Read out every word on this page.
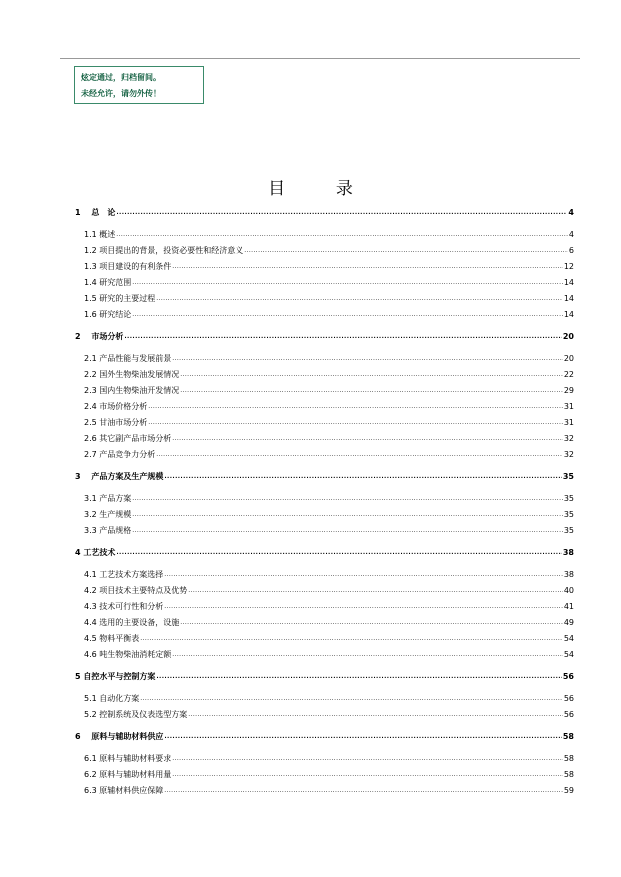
炫定通过，归档留间。
未经允许，请勿外传！
目	录
1　 总　论 .....	4
1.1 概述 .....	4
1.2 项目提出的背景，投资必要性和经济意义 .....	6
1.3 项目建设的有利条件 .....	12
1.4 研究范围 .....	14
1.5 研究的主要过程 .....	14
1.6 研究结论 .....	14
2　 市场分析 .....	20
2.1 产品性能与发展前景 .....	20
2.2 国外生物柴油发展情况 .....	22
2.3 国内生物柴油开发情况 .....	29
2.4 市场价格分析 .....	31
2.5 甘油市场分析 .....	31
2.6 其它副产品市场分析 .....	32
2.7 产品竞争力分析 .....	32
3　 产品方案及生产规模 .....	35
3.1 产品方案 .....	35
3.2 生产规模 .....	35
3.3 产品规格 .....	35
4 工艺技术 .....	38
4.1 工艺技术方案选择 .....	38
4.2 项目技术主要特点及优势 .....	40
4.3 技术可行性和分析 .....	41
4.4 选用的主要设备，设施 .....	49
4.5 物料平衡表 .....	54
4.6 吨生物柴油消耗定额 .....	54
5 自控水平与控制方案 .....	56
5.1 自动化方案 .....	56
5.2 控制系统及仪表选型方案 .....	56
6　 原料与辅助材料供应 .....	58
6.1 原料与辅助材料要求 .....	58
6.2 原料与辅助材料用量 .....	58
6.3 原辅材料供应保障 .....	59
